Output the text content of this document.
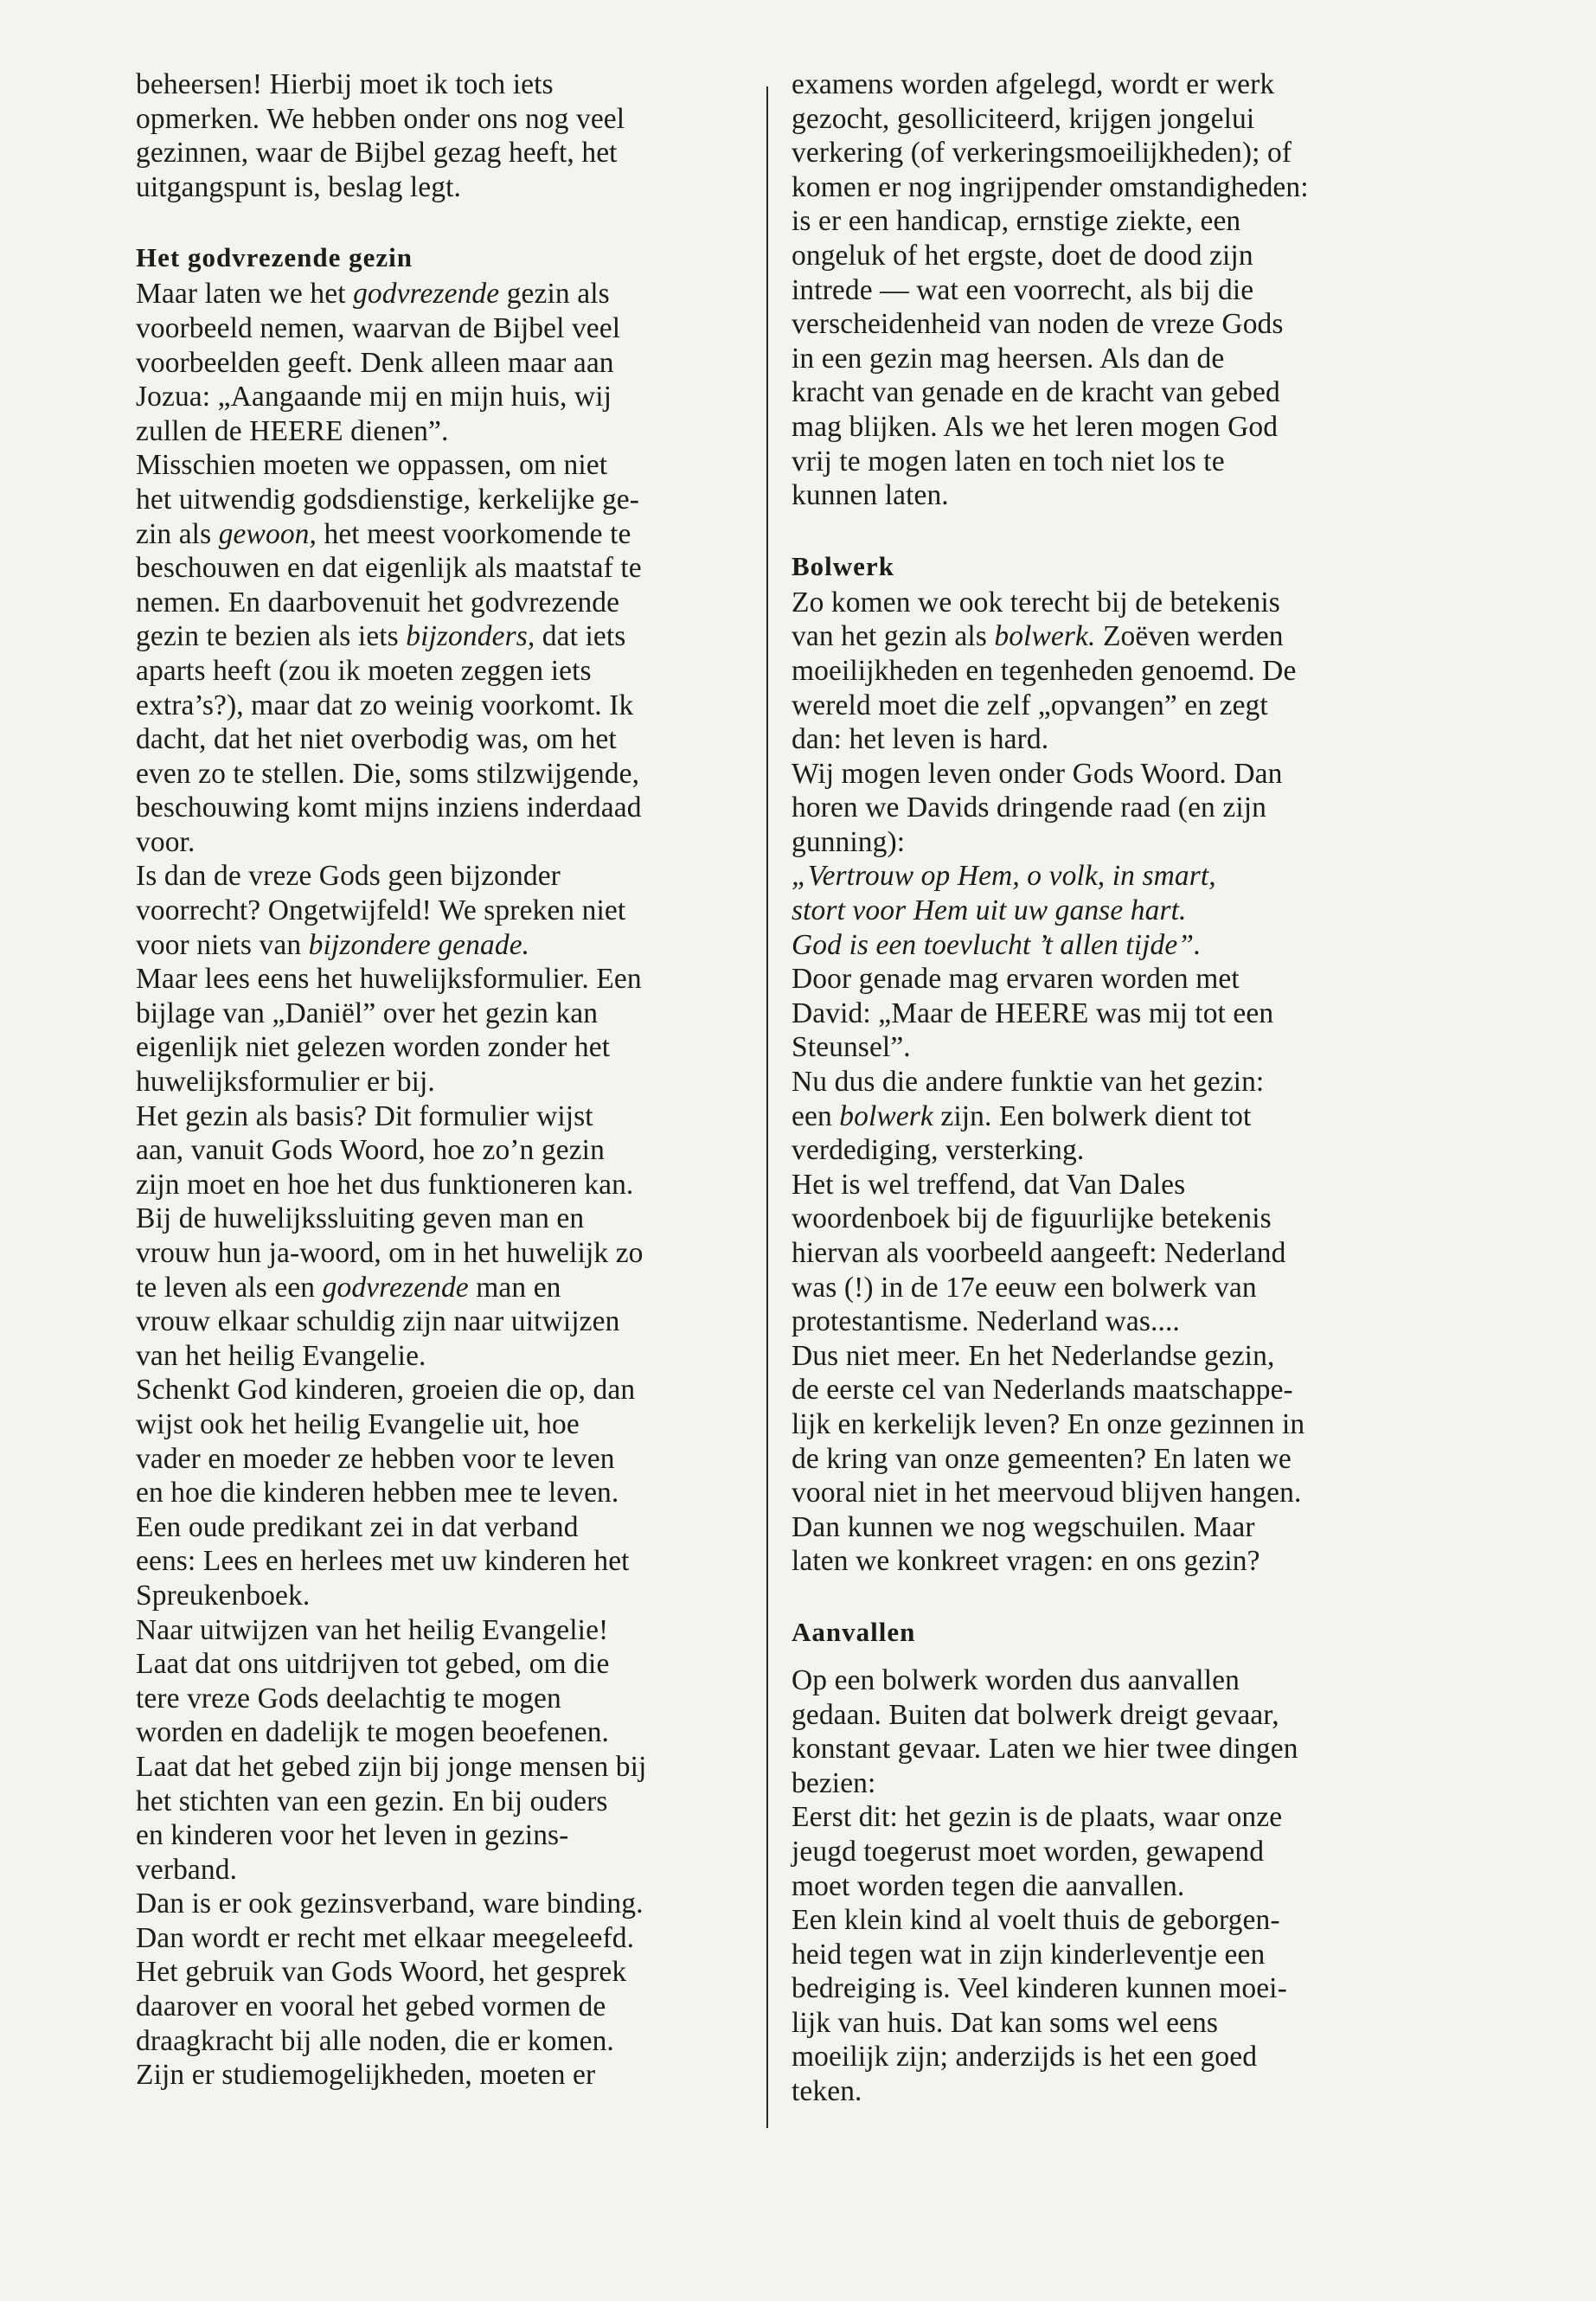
beheersen! Hierbij moet ik toch iets
opmerken. We hebben onder ons nog veel
gezinnen, waar de Bijbel gezag heeft, het
uitgangspunt is, beslag legt.

Het godvrezende gezin

Maar laten we het godvrezende gezin als
voorbeeld nemen, waarvan de Bijbel veel
voorbeelden geeft. Denk alleen maar aan
Jozua: „Aangaande mij en mijn huis, wij
zullen de HEERE dienen”.
Misschien moeten we oppassen, om niet
het uitwendig godsdienstige, kerkelijke ge-
zin als gewoon, het meest voorkomende te
beschouwen en dat eigenlijk als maatstaf te
nemen. En daarbovenuit het godvrezende
gezin te bezien als iets bijzonders, dat iets
aparts heeft (zou ik moeten zeggen iets
extra’s?), maar dat zo weinig voorkomt. Ik
dacht, dat het niet overbodig was, om het
even zo te stellen. Die, soms stilzwijgende,
beschouwing komt mijns inziens inderdaad
voor.
Is dan de vreze Gods geen bijzonder
voorrecht? Ongetwijfeld! We spreken niet
voor niets van bijzondere genade.
Maar lees eens het huwelijksformulier. Een
bijlage van „Daniël” over het gezin kan
eigenlijk niet gelezen worden zonder het
huwelijksformulier er bij.
Het gezin als basis? Dit formulier wijst
aan, vanuit Gods Woord, hoe zo’n gezin
zijn moet en hoe het dus funktioneren kan.
Bij de huwelijkssluiting geven man en
vrouw hun ja-woord, om in het huwelijk zo
te leven als een godvrezende man en
vrouw elkaar schuldig zijn naar uitwijzen
van het heilig Evangelie.
Schenkt God kinderen, groeien die op, dan
wijst ook het heilig Evangelie uit, hoe
vader en moeder ze hebben voor te leven
en hoe die kinderen hebben mee te leven.
Een oude predikant zei in dat verband
eens: Lees en herlees met uw kinderen het
Spreukenboek.
Naar uitwijzen van het heilig Evangelie!
Laat dat ons uitdrijven tot gebed, om die
tere vreze Gods deelachtig te mogen
worden en dadelijk te mogen beoefenen.
Laat dat het gebed zijn bij jonge mensen bij
het stichten van een gezin. En bij ouders
en kinderen voor het leven in gezins-
verband.
Dan is er ook gezinsverband, ware binding.
Dan wordt er recht met elkaar meegeleefd.
Het gebruik van Gods Woord, het gesprek
daarover en vooral het gebed vormen de
draagkracht bij alle noden, die er komen.
Zijn er studiemogelijkheden, moeten er

examens worden afgelegd, wordt er werk
gezocht, gesolliciteerd, krijgen jongelui
verkering (of verkeringsmoeilijkheden); of
komen er nog ingrijpender omstandigheden:
is er een handicap, ernstige ziekte, een
ongeluk of het ergste, doet de dood zijn
intrede — wat een voorrecht, als bij die
verscheidenheid van noden de vreze Gods
in een gezin mag heersen. Als dan de
kracht van genade en de kracht van gebed
mag blijken. Als we het leren mogen God
vrij te mogen laten en toch niet los te
kunnen laten.

Bolwerk

Zo komen we ook terecht bij de betekenis
van het gezin als bolwerk. Zoëven werden
moeilijkheden en tegenheden genoemd. De
wereld moet die zelf „opvangen” en zegt
dan: het leven is hard.
Wij mogen leven onder Gods Woord. Dan
horen we Davids dringende raad (en zijn
gunning):
„Vertrouw op Hem, o volk, in smart,
stort voor Hem uit uw ganse hart.
God is een toevlucht ’t allen tijde”.
Door genade mag ervaren worden met
David: „Maar de HEERE was mij tot een
Steunsel”.
Nu dus die andere funktie van het gezin:
een bolwerk zijn. Een bolwerk dient tot
verdediging, versterking.
Het is wel treffend, dat Van Dales
woordenboek bij de figuurlijke betekenis
hiervan als voorbeeld aangeeft: Nederland
was (!) in de 17e eeuw een bolwerk van
protestantisme. Nederland was....
Dus niet meer. En het Nederlandse gezin,
de eerste cel van Nederlands maatschappe-
lijk en kerkelijk leven? En onze gezinnen in
de kring van onze gemeenten? En laten we
vooral niet in het meervoud blijven hangen.
Dan kunnen we nog wegschuilen. Maar
laten we konkreet vragen: en ons gezin?

Aanvallen

Op een bolwerk worden dus aanvallen
gedaan. Buiten dat bolwerk dreigt gevaar,
konstant gevaar. Laten we hier twee dingen
bezien:
Eerst dit: het gezin is de plaats, waar onze
jeugd toegerust moet worden, gewapend
moet worden tegen die aanvallen.
Een klein kind al voelt thuis de geborgen-
heid tegen wat in zijn kinderleventje een
bedreiging is. Veel kinderen kunnen moei-
lijk van huis. Dat kan soms wel eens
moeilijk zijn; anderzijds is het een goed
teken.
